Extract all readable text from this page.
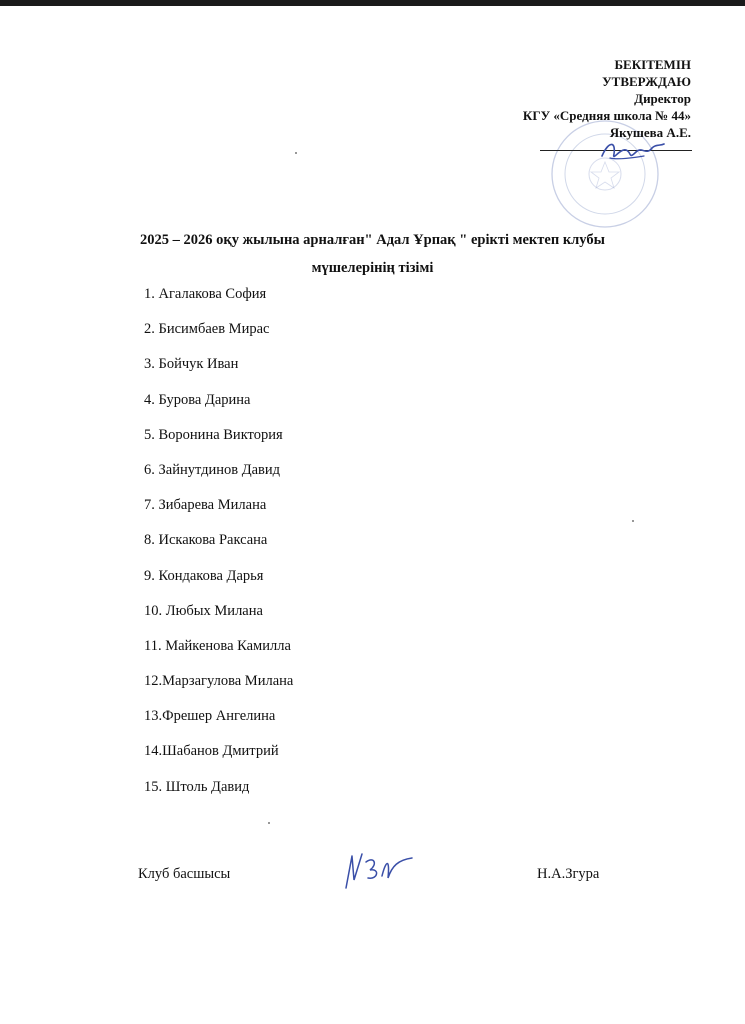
БЕКІТЕМІН
УТВЕРЖДАЮ
Директор
КГУ «Средняя школа № 44»
Якушева А.Е.
2025 – 2026 оқу жылына арналған" Адал Ұрпақ " ерікті мектеп клубы
мүшелерінің тізімі
1. Агалакова София
2. Бисимбаев Мирас
3. Бойчук Иван
4. Бурова Дарина
5. Воронина Виктория
6. Зайнутдинов Давид
7. Зибарева Милана
8. Искакова Раксана
9. Кондакова Дарья
10. Любых Милана
11. Майкенова Камилла
12.Марзагулова Милана
13.Фрешер Ангелина
14.Шабанов Дмитрий
15. Штоль Давид
Клуб басшысы	Н.А.Згура
